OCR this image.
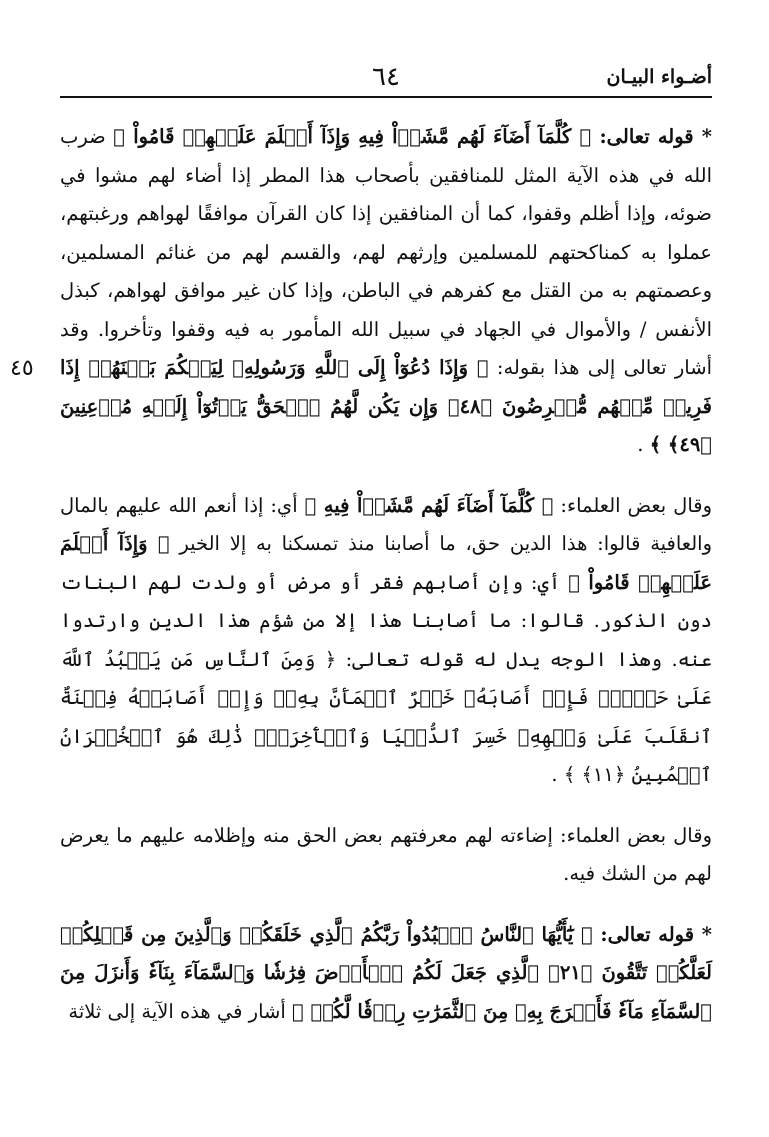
٦٤	أضـواء البيـان
٤٥

* قوله تعالى: ﴿ كُلَّمَآ أَضَآءَ لَهُم مَّشَوۡاْ فِيهِ وَإِذَآ أَظۡلَمَ عَلَيۡهِمۡ قَامُواْ ﴾ ضرب الله في هذه الآية المثل للمنافقين بأصحاب هذا المطر إذا أضاء لهم مشوا في ضوئه، وإذا أظلم وقفوا، كما أن المنافقين إذا كان القرآن موافقًا لهواهم ورغبتهم، عملوا به كمناكحتهم للمسلمين وإرثهم لهم، والقسم لهم من غنائم المسلمين، وعصمتهم به من القتل مع كفرهم في الباطن، وإذا كان غير موافق لهواهم، كبذل الأنفس / والأموال في الجهاد في سبيل الله المأمور به فيه وقفوا وتأخروا. وقد أشار تعالى إلى هذا بقوله: ﴿ وَإِذَا دُعُوٓاْ إِلَى ٱللَّهِ وَرَسُولِهِۦ لِيَحۡكُمَ بَيۡنَهُمۡ إِذَا فَرِيقٞ مِّنۡهُم مُّعۡرِضُونَ ﴿٤٨﴾ وَإِن يَكُن لَّهُمُ ٱلۡحَقُّ يَأۡتُوٓاْ إِلَيۡهِ مُذۡعِنِينَ ﴿٤٩﴾ ﴾ .

وقال بعض العلماء: ﴿ كُلَّمَآ أَضَآءَ لَهُم مَّشَوۡاْ فِيهِ ﴾ أي: إذا أنعم الله عليهم بالمال والعافية قالوا: هذا الدين حق، ما أصابنا منذ تمسكنا به إلا الخير ﴿ وَإِذَآ أَظۡلَمَ عَلَيۡهِمۡ قَامُواْ ﴾ أي: وإن أصابهم فقر أو مرض أو ولدت لهم البنات دون الذكور. قالوا: ما أصابنا هذا إلا من شؤم هذا الدين وارتدوا عنه. وهذا الوجه يدل له قوله تعالى: ﴿ وَمِنَ ٱلنَّاسِ مَن يَعۡبُدُ ٱللَّهَ عَلَىٰ حَرۡفٖۖ فَإِنۡ أَصَابَهُۥ خَيۡرٌ ٱطۡمَأَنَّ بِهِۦۖ وَإِنۡ أَصَابَتۡهُ فِتۡنَةٌ ٱنقَلَبَ عَلَىٰ وَجۡهِهِۦ خَسِرَ ٱلدُّنۡيَا وَٱلۡأٓخِرَةَۚ ذَٰلِكَ هُوَ ٱلۡخُسۡرَانُ ٱلۡمُبِينُ ﴿١١﴾ ﴾ .

وقال بعض العلماء: إضاءته لهم معرفتهم بعض الحق منه وإظلامه عليهم ما يعرض لهم من الشك فيه.

* قوله تعالى: ﴿ يَٰٓأَيُّهَا ٱلنَّاسُ ٱعۡبُدُواْ رَبَّكُمُ ٱلَّذِي خَلَقَكُمۡ وَٱلَّذِينَ مِن قَبۡلِكُمۡ لَعَلَّكُمۡ تَتَّقُونَ ﴿٢١﴾ ٱلَّذِي جَعَلَ لَكُمُ ٱلۡأَرۡضَ فِرَٰشٗا وَٱلسَّمَآءَ بِنَآءٗ وَأَنزَلَ مِنَ ٱلسَّمَآءِ مَآءٗ فَأَخۡرَجَ بِهِۦ مِنَ ٱلثَّمَرَٰتِ رِزۡقٗا لَّكُمۡ ﴾ أشار في هذه الآية إلى ثلاثة
